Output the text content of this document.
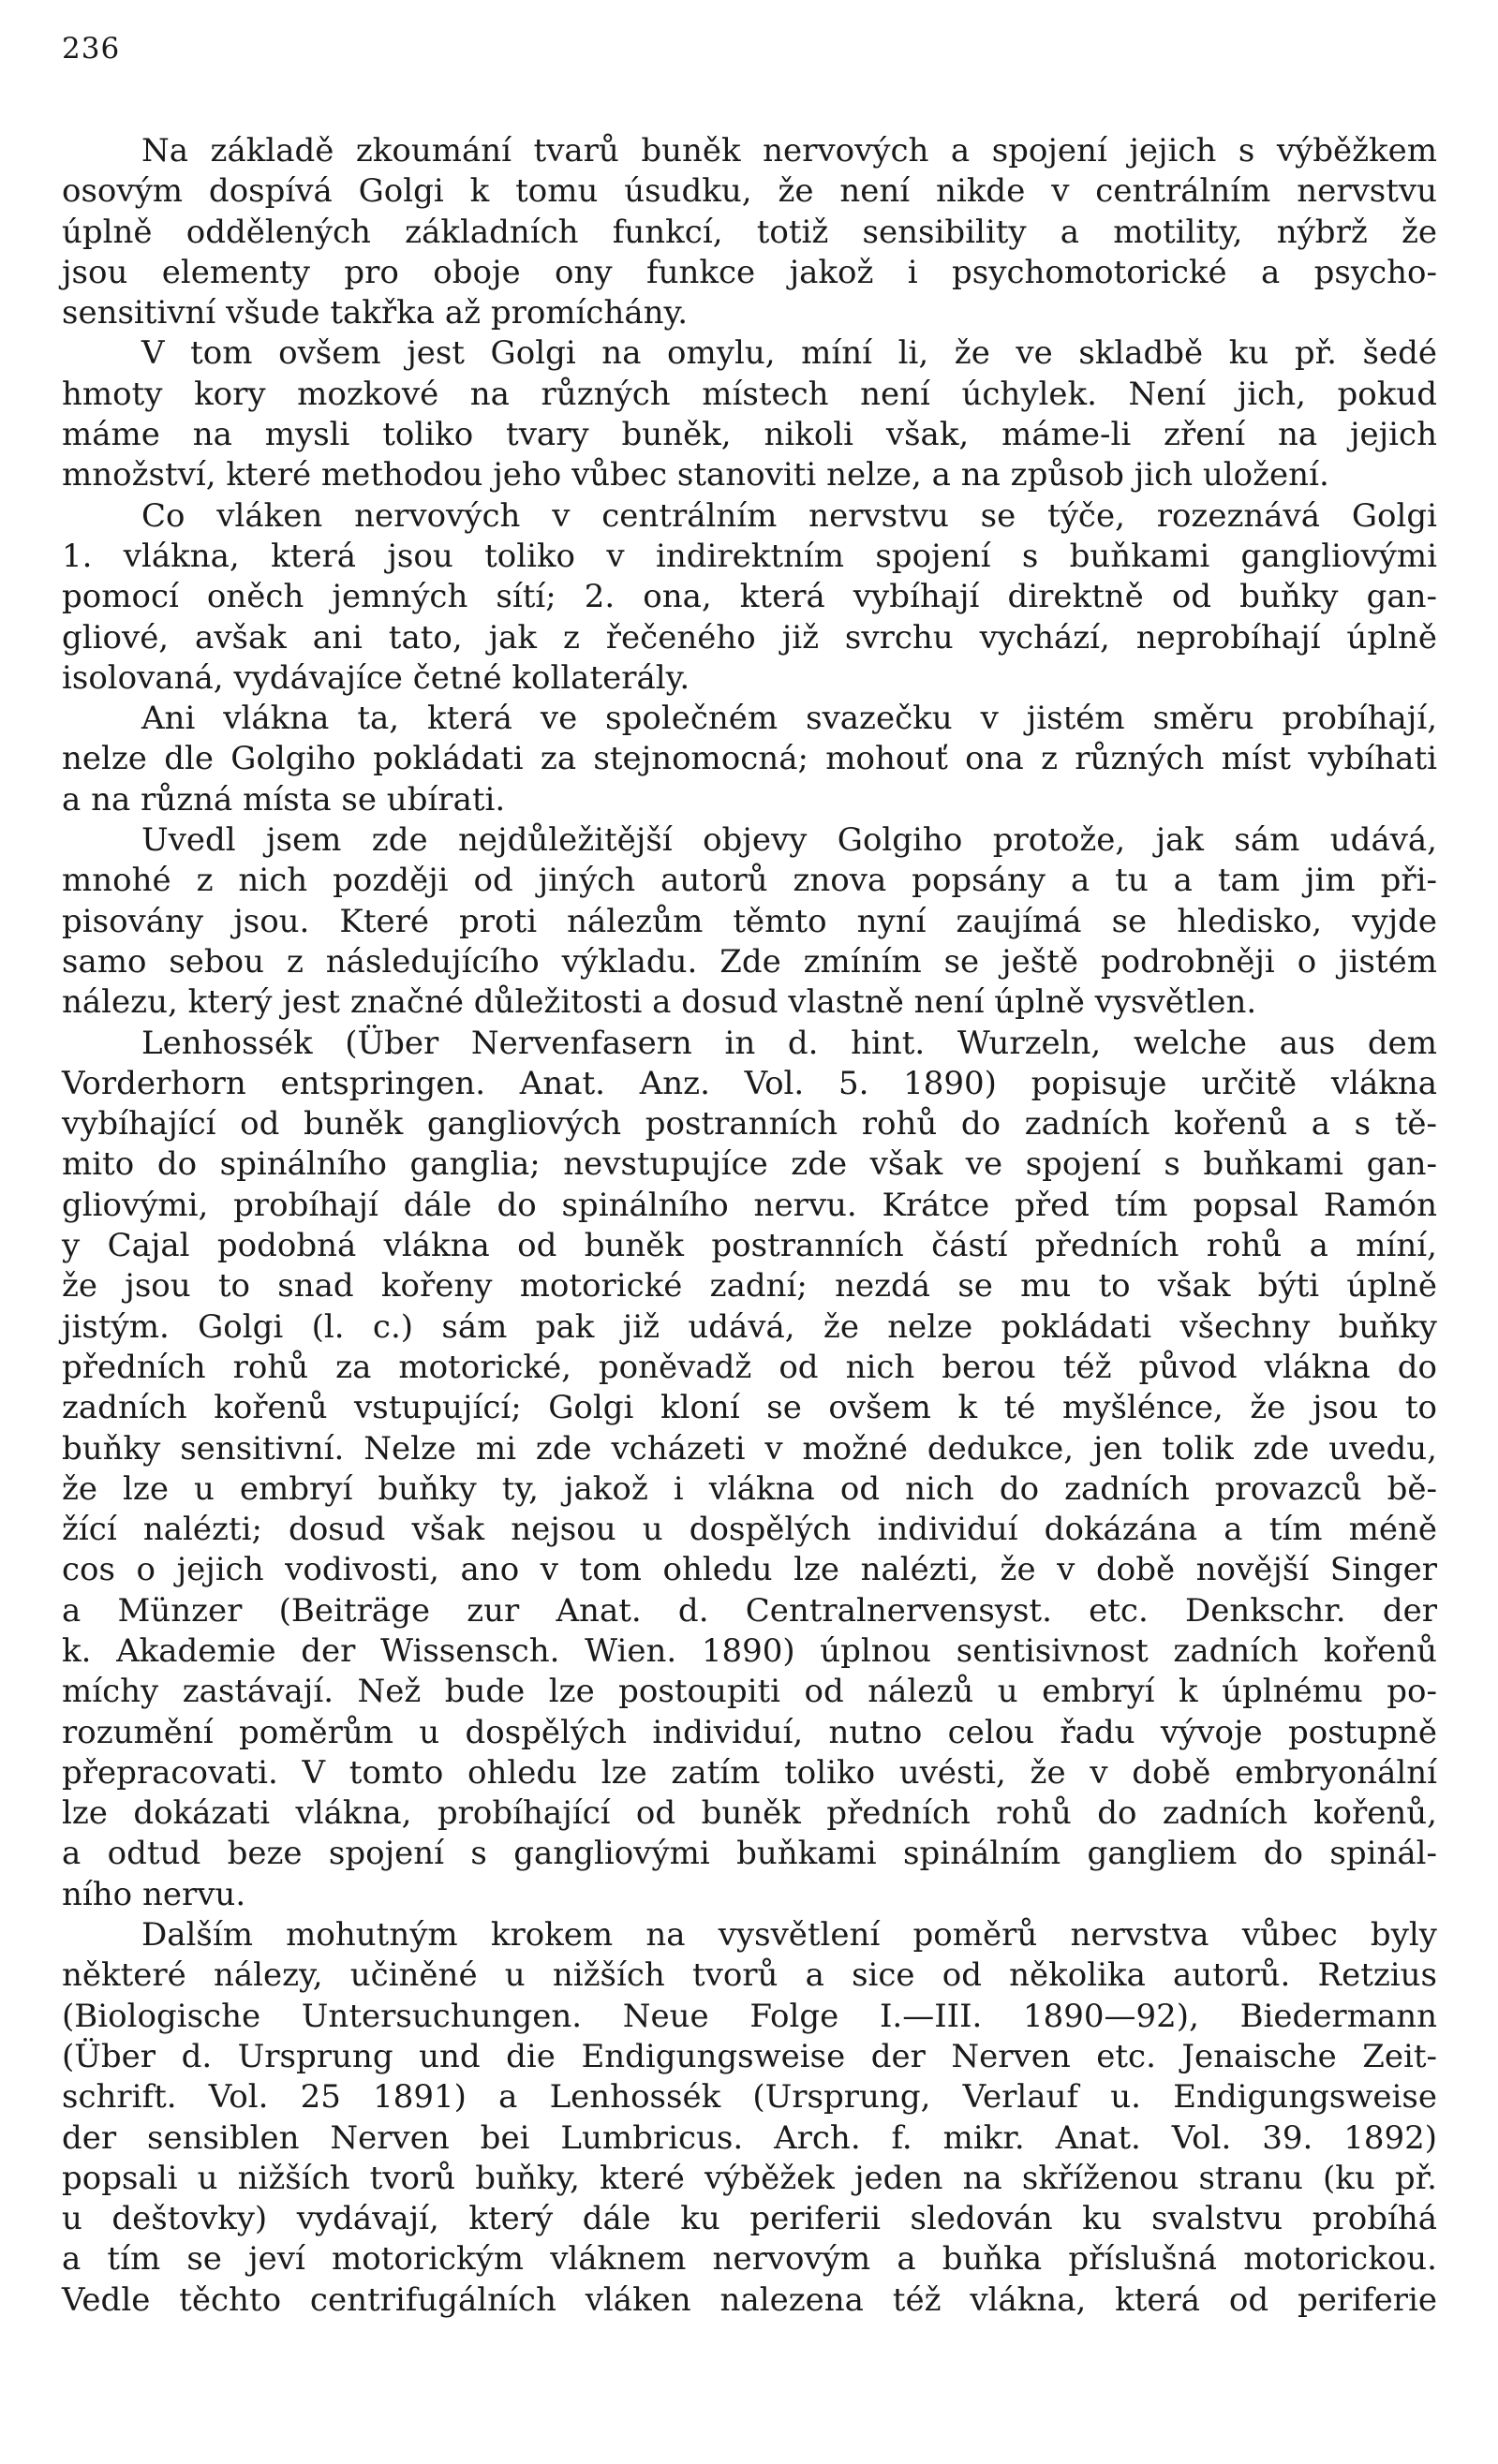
236
Na základě zkoumání tvarů buněk nervových a spojení jejich s výběžkem
osovým dospívá Golgi k tomu úsudku, že není nikde v centrálním nervstvu
úplně oddělených základních funkcí, totiž sensibility a motility, nýbrž že
jsou elementy pro oboje ony funkce jakož i psychomotorické a psycho-
sensitivní všude takřka až promíchány.
V tom ovšem jest Golgi na omylu, míní li, že ve skladbě ku př. šedé
hmoty kory mozkové na různých místech není úchylek. Není jich, pokud
máme na mysli toliko tvary buněk, nikoli však, máme-li zření na jejich
množství, které methodou jeho vůbec stanoviti nelze, a na způsob jich uložení.
Co vláken nervových v centrálním nervstvu se týče, rozeznává Golgi
1. vlákna, která jsou toliko v indirektním spojení s buňkami gangliovými
pomocí oněch jemných sítí; 2. ona, která vybíhají direktně od buňky gan-
gliové, avšak ani tato, jak z řečeného již svrchu vychází, neprobíhají úplně
isolovaná, vydávajíce četné kollaterály.
Ani vlákna ta, která ve společném svazečku v jistém směru probíhají,
nelze dle Golgiho pokládati za stejnomocná; mohouť ona z různých míst vybíhati
a na různá místa se ubírati.
Uvedl jsem zde nejdůležitější objevy Golgiho protože, jak sám udává,
mnohé z nich později od jiných autorů znova popsány a tu a tam jim při-
pisovány jsou. Které proti nálezům těmto nyní zaujímá se hledisko, vyjde
samo sebou z následujícího výkladu. Zde zmíním se ještě podrobněji o jistém
nálezu, který jest značné důležitosti a dosud vlastně není úplně vysvětlen.
Lenhossék (Über Nervenfasern in d. hint. Wurzeln, welche aus dem
Vorderhorn entspringen. Anat. Anz. Vol. 5. 1890) popisuje určitě vlákna
vybíhající od buněk gangliových postranních rohů do zadních kořenů a s tě-
mito do spinálního ganglia; nevstupujíce zde však ve spojení s buňkami gan-
gliovými, probíhají dále do spinálního nervu. Krátce před tím popsal Ramón
y Cajal podobná vlákna od buněk postranních částí předních rohů a míní,
že jsou to snad kořeny motorické zadní; nezdá se mu to však býti úplně
jistým. Golgi (l. c.) sám pak již udává, že nelze pokládati všechny buňky
předních rohů za motorické, poněvadž od nich berou též původ vlákna do
zadních kořenů vstupující; Golgi kloní se ovšem k té myšlénce, že jsou to
buňky sensitivní. Nelze mi zde vcházeti v možné dedukce, jen tolik zde uvedu,
že lze u embryí buňky ty, jakož i vlákna od nich do zadních provazců bě-
žící nalézti; dosud však nejsou u dospělých individuí dokázána a tím méně
cos o jejich vodivosti, ano v tom ohledu lze nalézti, že v době novější Singer
a Münzer (Beiträge zur Anat. d. Centralnervensyst. etc. Denkschr. der
k. Akademie der Wissensch. Wien. 1890) úplnou sentisivnost zadních kořenů
míchy zastávají. Než bude lze postoupiti od nálezů u embryí k úplnému po-
rozumění poměrům u dospělých individuí, nutno celou řadu vývoje postupně
přepracovati. V tomto ohledu lze zatím toliko uvésti, že v době embryonální
lze dokázati vlákna, probíhající od buněk předních rohů do zadních kořenů,
a odtud beze spojení s gangliovými buňkami spinálním gangliem do spinál-
ního nervu.
Dalším mohutným krokem na vysvětlení poměrů nervstva vůbec byly
některé nálezy, učiněné u nižších tvorů a sice od několika autorů. Retzius
(Biologische Untersuchungen. Neue Folge I.—III. 1890—92), Biedermann
(Über d. Ursprung und die Endigungsweise der Nerven etc. Jenaische Zeit-
schrift. Vol. 25 1891) a Lenhossék (Ursprung, Verlauf u. Endigungsweise
der sensiblen Nerven bei Lumbricus. Arch. f. mikr. Anat. Vol. 39. 1892)
popsali u nižších tvorů buňky, které výběžek jeden na skříženou stranu (ku př.
u deštovky) vydávají, který dále ku periferii sledován ku svalstvu probíhá
a tím se jeví motorickým vláknem nervovým a buňka příslušná motorickou.
Vedle těchto centrifugálních vláken nalezena též vlákna, která od periferie
